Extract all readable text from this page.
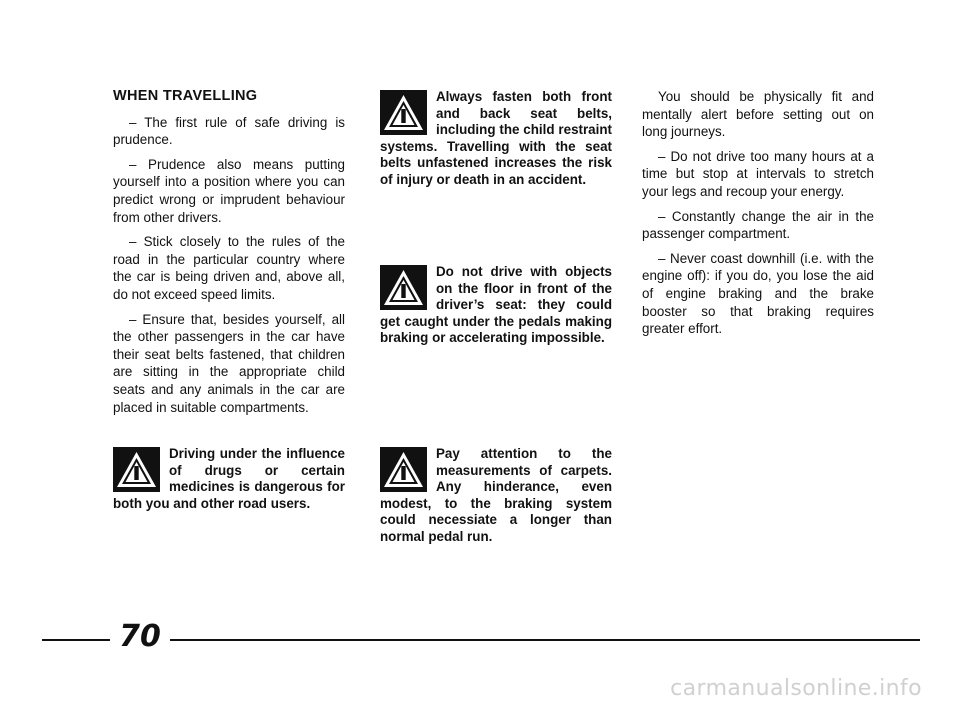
WHEN TRAVELLING

– The first rule of safe driving is prudence.

– Prudence also means putting yourself into a position where you can predict wrong or imprudent behaviour from other drivers.

– Stick closely to the rules of the road in the particular country where the car is being driven and, above all, do not exceed speed limits.

– Ensure that, besides yourself, all the other passengers in the car have their seat belts fastened, that children are sitting in the appropriate child seats and any animals in the car are placed in suitable compartments.

Always fasten both front and back seat belts, including the child restraint systems. Travelling with the seat belts unfastened increases the risk of injury or death in an accident.
Do not drive with objects on the floor in front of the driver’s seat: they could get caught under the pedals making braking or accelerating impossible.
Driving under the influence of drugs or certain medicines is dangerous for both you and other road users.
Pay attention to the measurements of carpets. Any hinderance, even modest, to the braking system could necessiate a longer than normal pedal run.

You should be physically fit and mentally alert before setting out on long journeys.

– Do not drive too many hours at a time but stop at intervals to stretch your legs and recoup your energy.

– Constantly change the air in the passenger compartment.

– Never coast downhill (i.e. with the engine off): if you do, you lose the aid of engine braking and the brake booster so that braking requires greater effort.

70
carmanualsonline.info
